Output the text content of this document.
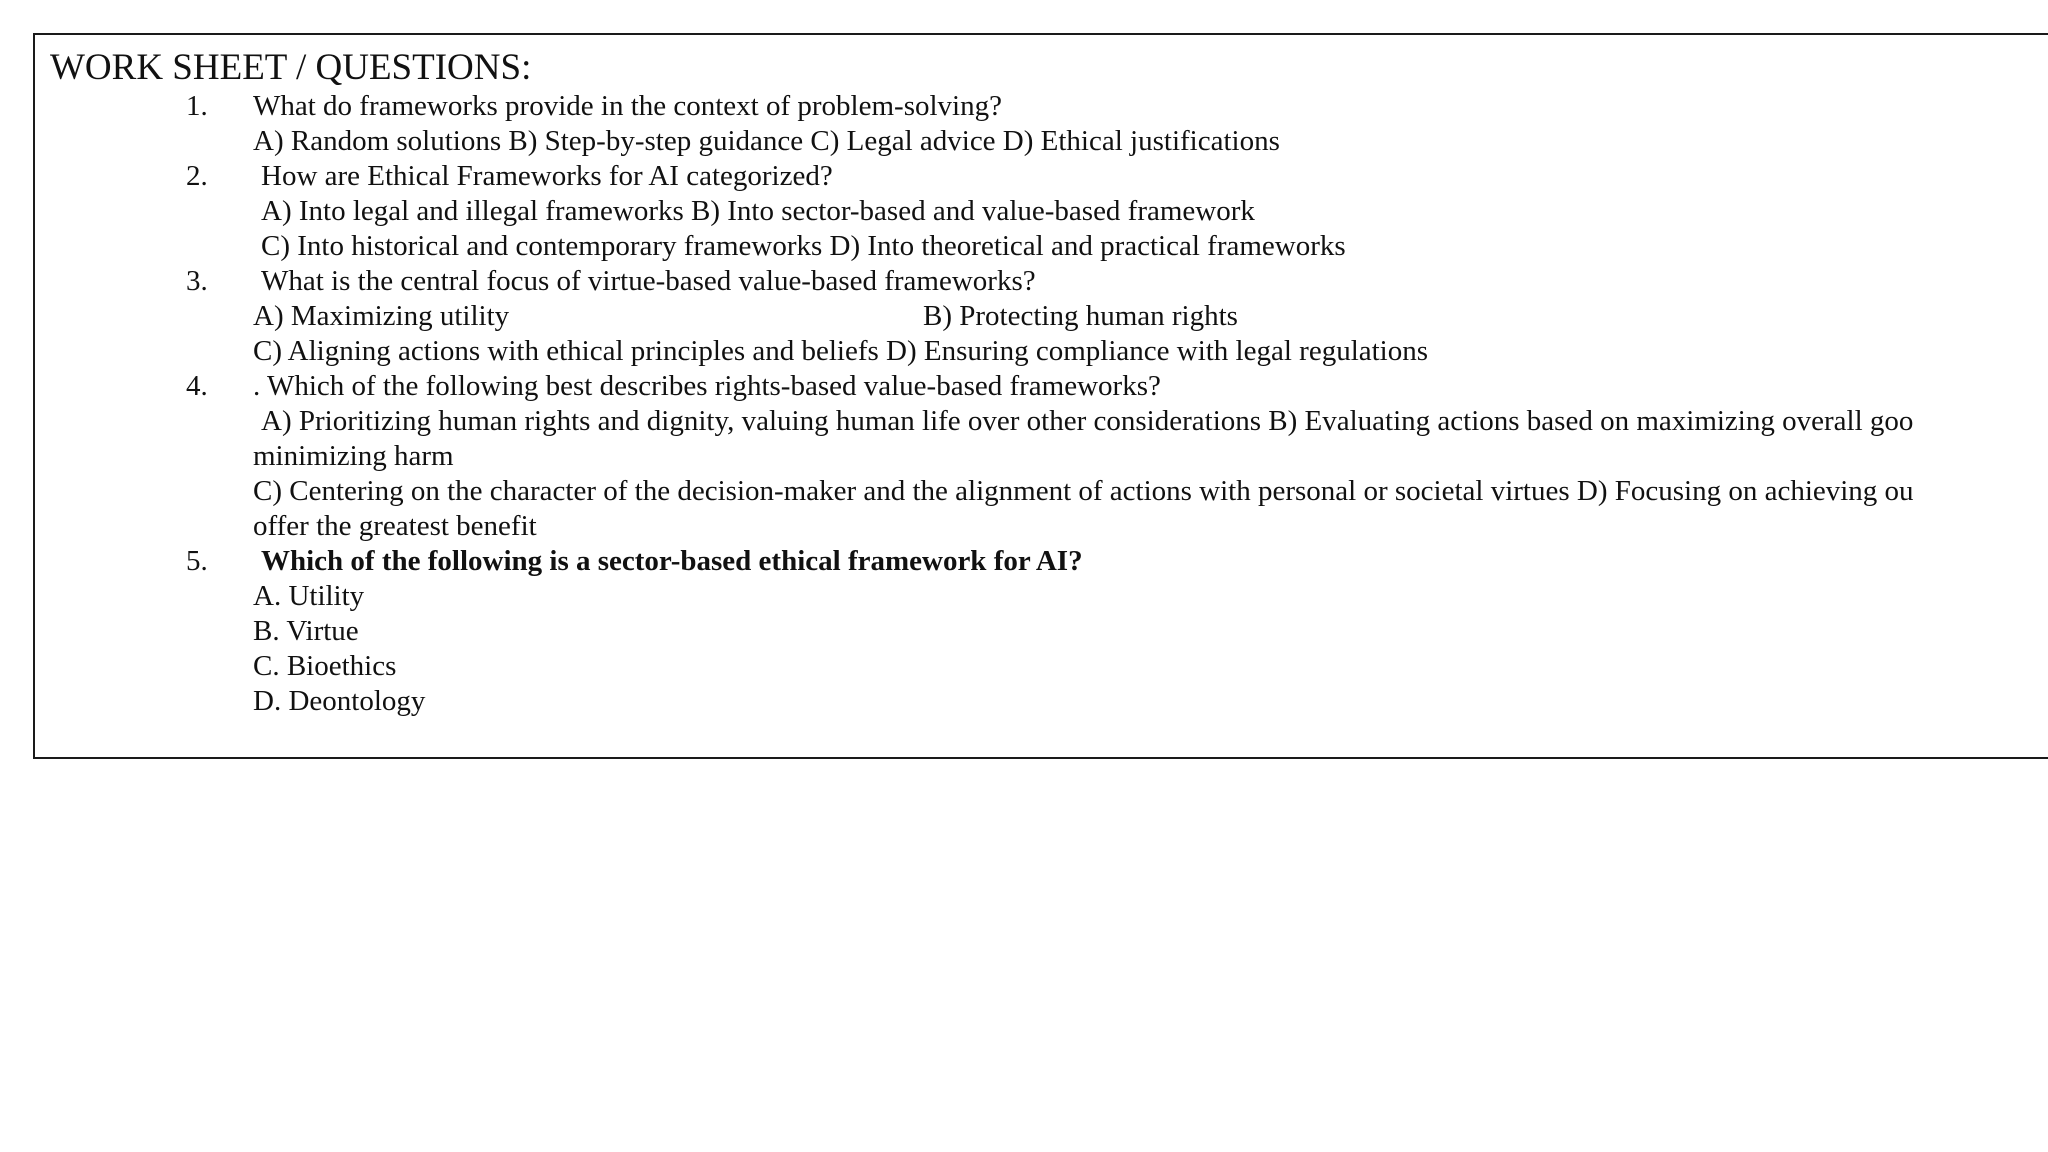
WORK SHEET / QUESTIONS:
1. What do frameworks provide in the context of problem-solving?
A) Random solutions B) Step-by-step guidance C) Legal advice D) Ethical justifications
2. How are Ethical Frameworks for AI categorized?
A) Into legal and illegal frameworks B) Into sector-based and value-based framework
C) Into historical and contemporary frameworks D) Into theoretical and practical frameworks
3. What is the central focus of virtue-based value-based frameworks?
A) Maximizing utility	B) Protecting human rights
C) Aligning actions with ethical principles and beliefs D) Ensuring compliance with legal regulations
4. . Which of the following best describes rights-based value-based frameworks?
A) Prioritizing human rights and dignity, valuing human life over other considerations B) Evaluating actions based on maximizing overall goo
minimizing harm
C) Centering on the character of the decision-maker and the alignment of actions with personal or societal virtues D) Focusing on achieving ou
offer the greatest benefit
5. Which of the following is a sector-based ethical framework for AI?
A. Utility
B. Virtue
C. Bioethics
D. Deontology
